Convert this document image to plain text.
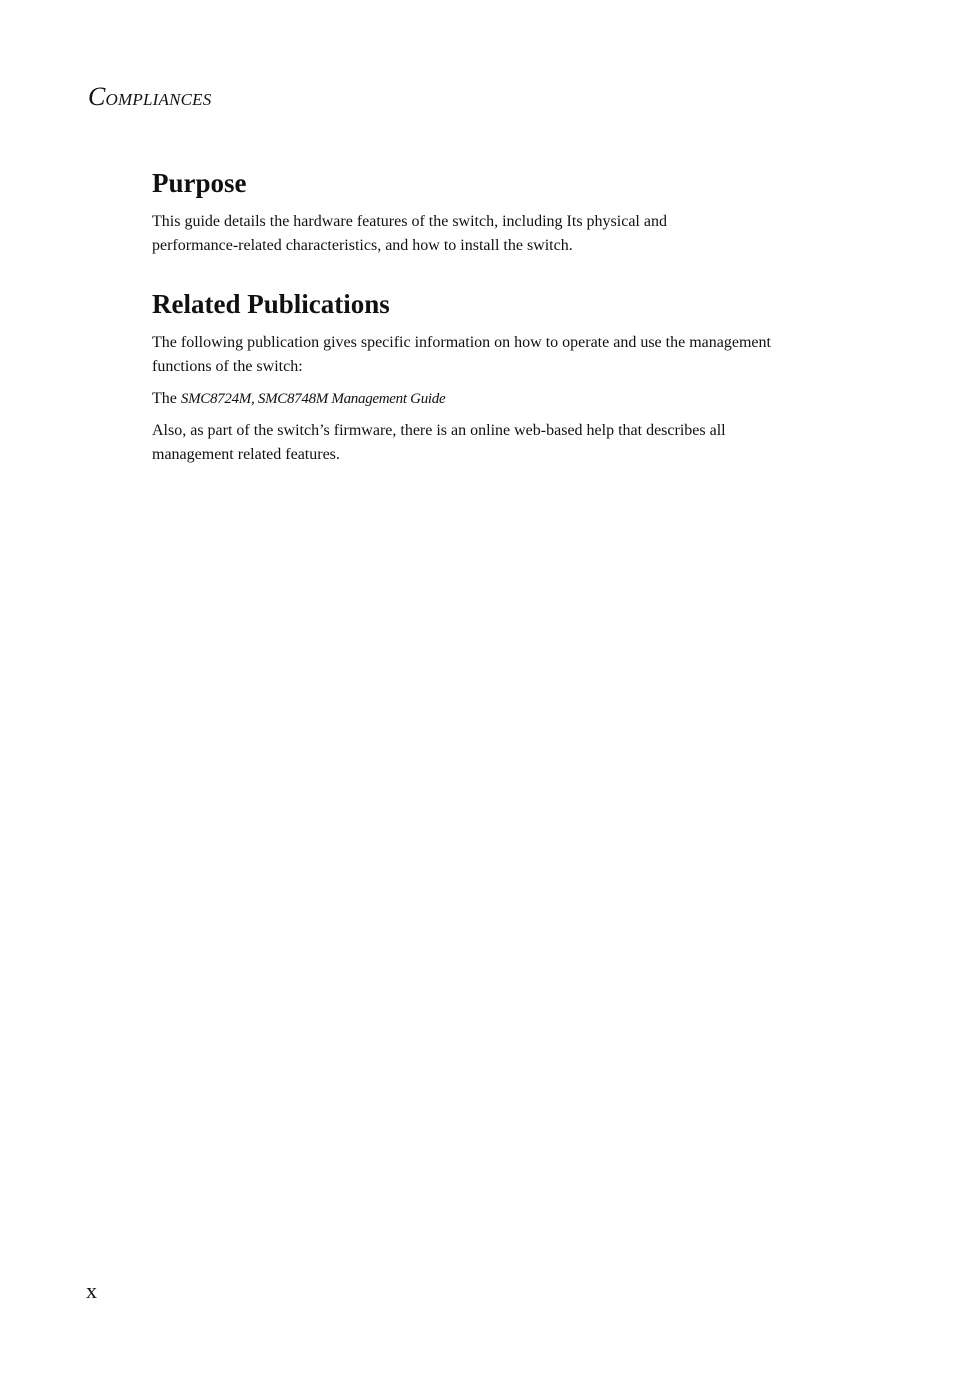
COMPLIANCES
Purpose

This guide details the hardware features of the switch, including Its physical and
performance-related characteristics, and how to install the switch.

Related Publications

The following publication gives specific information on how to operate and use the management
functions of the switch:

The SMC8724M, SMC8748M Management Guide

Also, as part of the switch’s firmware, there is an online web-based help that describes all
management related features.

x
